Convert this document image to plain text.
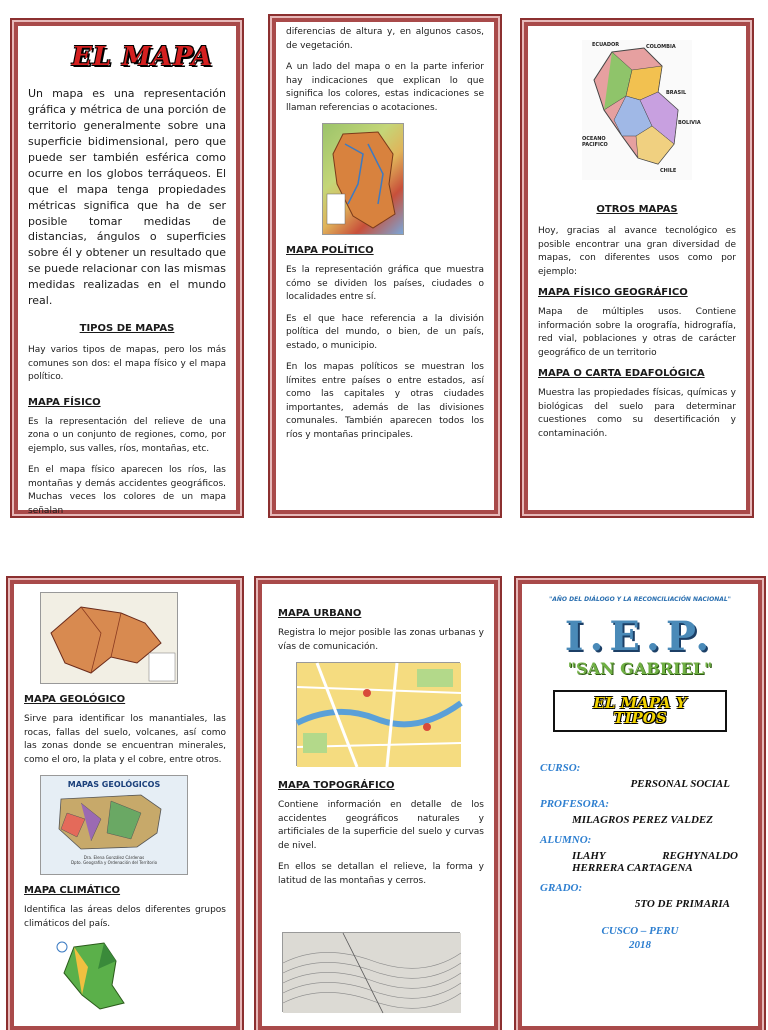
EL MAPA

Un mapa es una representación gráfica y métrica de una porción de territorio generalmente sobre una superficie bidimensional, pero que puede ser también esférica como ocurre en los globos terráqueos. El que el mapa tenga propiedades métricas significa que ha de ser posible tomar medidas de distancias, ángulos o superficies sobre él y obtener un resultado que se puede relacionar con las mismas medidas realizadas en el mundo real.

TIPOS DE MAPAS

Hay varios tipos de mapas, pero los más comunes son dos: el mapa físico y el mapa político.

MAPA FÍSICO

Es la representación del relieve de una zona o un conjunto de regiones, como, por ejemplo, sus valles, ríos, montañas, etc.

En el mapa físico aparecen los ríos, las montañas y demás accidentes geográficos. Muchas veces los colores de un mapa señalan

diferencias de altura y, en algunos casos, de vegetación.

A un lado del mapa o en la parte inferior hay indicaciones que explican lo que significa los colores, estas indicaciones se llaman referencias o acotaciones.

MAPA POLÍTICO

Es la representación gráfica que muestra cómo se dividen los países, ciudades o localidades entre sí.

Es el que hace referencia a la división política del mundo, o bien, de un país, estado, o municipio.

En los mapas políticos se muestran los límites entre países o entre estados, así como las capitales y otras ciudades importantes, además de las divisiones comunales. También aparecen todos los ríos y montañas principales.

ECUADOR	COLOMBIA
BRASIL
BOLIVIA
OCEANO PACIFICO
CHILE
OTROS MAPAS

Hoy, gracias al avance tecnológico es posible encontrar una gran diversidad de mapas, con diferentes usos como por ejemplo:

MAPA FÍSICO GEOGRÁFICO

Mapa de múltiples usos. Contiene información sobre la orografía, hidrografía, red vial, poblaciones y otras de carácter geográfico de un territorio

MAPA O CARTA EDAFOLÓGICA

Muestra las propiedades físicas, químicas y biológicas del suelo para determinar cuestiones como su desertificación y contaminación.

MAPA GEOLÓGICO

Sirve para identificar los manantiales, las rocas, fallas del suelo, volcanes, así como las zonas donde se encuentran minerales, como el oro, la plata y el cobre, entre otros.

MAPAS GEOLÓGICOS
Dra. Elena González Cárdenas
Dpto. Geografía y Ordenación del Territorio
MAPA CLIMÁTICO

Identifica las áreas delos diferentes grupos climáticos del país.

MAPA URBANO

Registra lo mejor posible las zonas urbanas y vías de comunicación.

MAPA TOPOGRÁFICO

Contiene información en detalle de los accidentes geográficos naturales y artificiales de la superficie del suelo y curvas de nivel.

En ellos se detallan el relieve, la forma y latitud de las montañas y cerros.

"AÑO DEL DIÁLOGO Y LA RECONCILIACIÓN NACIONAL"
I.E.P.
"SAN GABRIEL"
EL MAPA Y TIPOS
CURSO:
PERSONAL SOCIAL
PROFESORA:
MILAGROS PEREZ VALDEZ
ALUMNO:
ILAHY REGHYNALDO HERRERA CARTAGENA
GRADO:
5TO DE PRIMARIA
CUSCO – PERU
2018
